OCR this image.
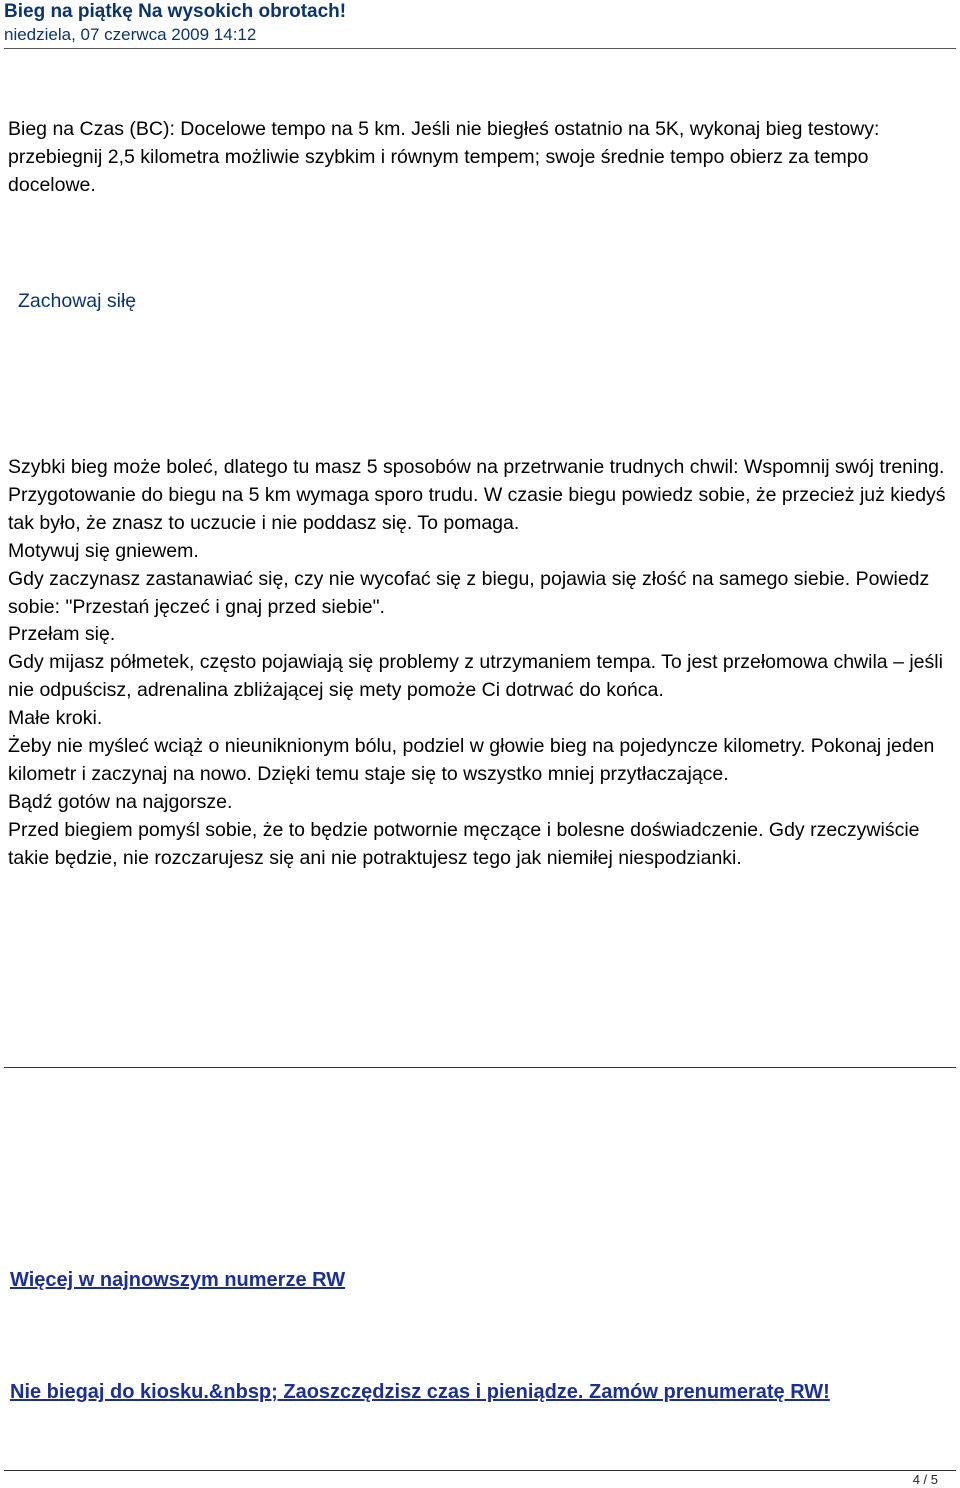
Bieg na piątkę Na wysokich obrotach!
niedziela, 07 czerwca 2009 14:12
Bieg na Czas (BC): Docelowe tempo na 5 km. Jeśli nie biegłeś ostatnio na 5K, wykonaj bieg testowy: przebiegnij 2,5 kilometra możliwie szybkim i równym tempem; swoje średnie tempo obierz za tempo docelowe.
Zachowaj siłę

Szybki bieg może boleć, dlatego tu masz 5 sposobów na przetrwanie trudnych chwil: Wspomnij swój trening.

Przygotowanie do biegu na 5 km wymaga sporo trudu. W czasie biegu powiedz sobie, że przecież już kiedyś tak było, że znasz to uczucie i nie poddasz się. To pomaga.

Motywuj się gniewem.

Gdy zaczynasz zastanawiać się, czy nie wycofać się z biegu, pojawia się złość na samego siebie. Powiedz sobie: "Przestań jęczeć i gnaj przed siebie".

Przełam się.

Gdy mijasz półmetek, często pojawiają się problemy z utrzymaniem tempa. To jest przełomowa chwila – jeśli nie odpuścisz, adrenalina zbliżającej się mety pomoże Ci dotrwać do końca.

Małe kroki.

Żeby nie myśleć wciąż o nieuniknionym bólu, podziel w głowie bieg na pojedyncze kilometry. Pokonaj jeden kilometr i zaczynaj na nowo. Dzięki temu staje się to wszystko mniej przytłaczające.

Bądź gotów na najgorsze.

Przed biegiem pomyśl sobie, że to będzie potwornie męczące i bolesne doświadczenie. Gdy rzeczywiście takie będzie, nie rozczarujesz się ani nie potraktujesz tego jak niemiłej niespodzianki.

Więcej w najnowszym numerze RW
Nie biegaj do kiosku.&nbsp; Zaoszczędzisz czas i pieniądze. Zamów prenumeratę RW!
4 / 5
